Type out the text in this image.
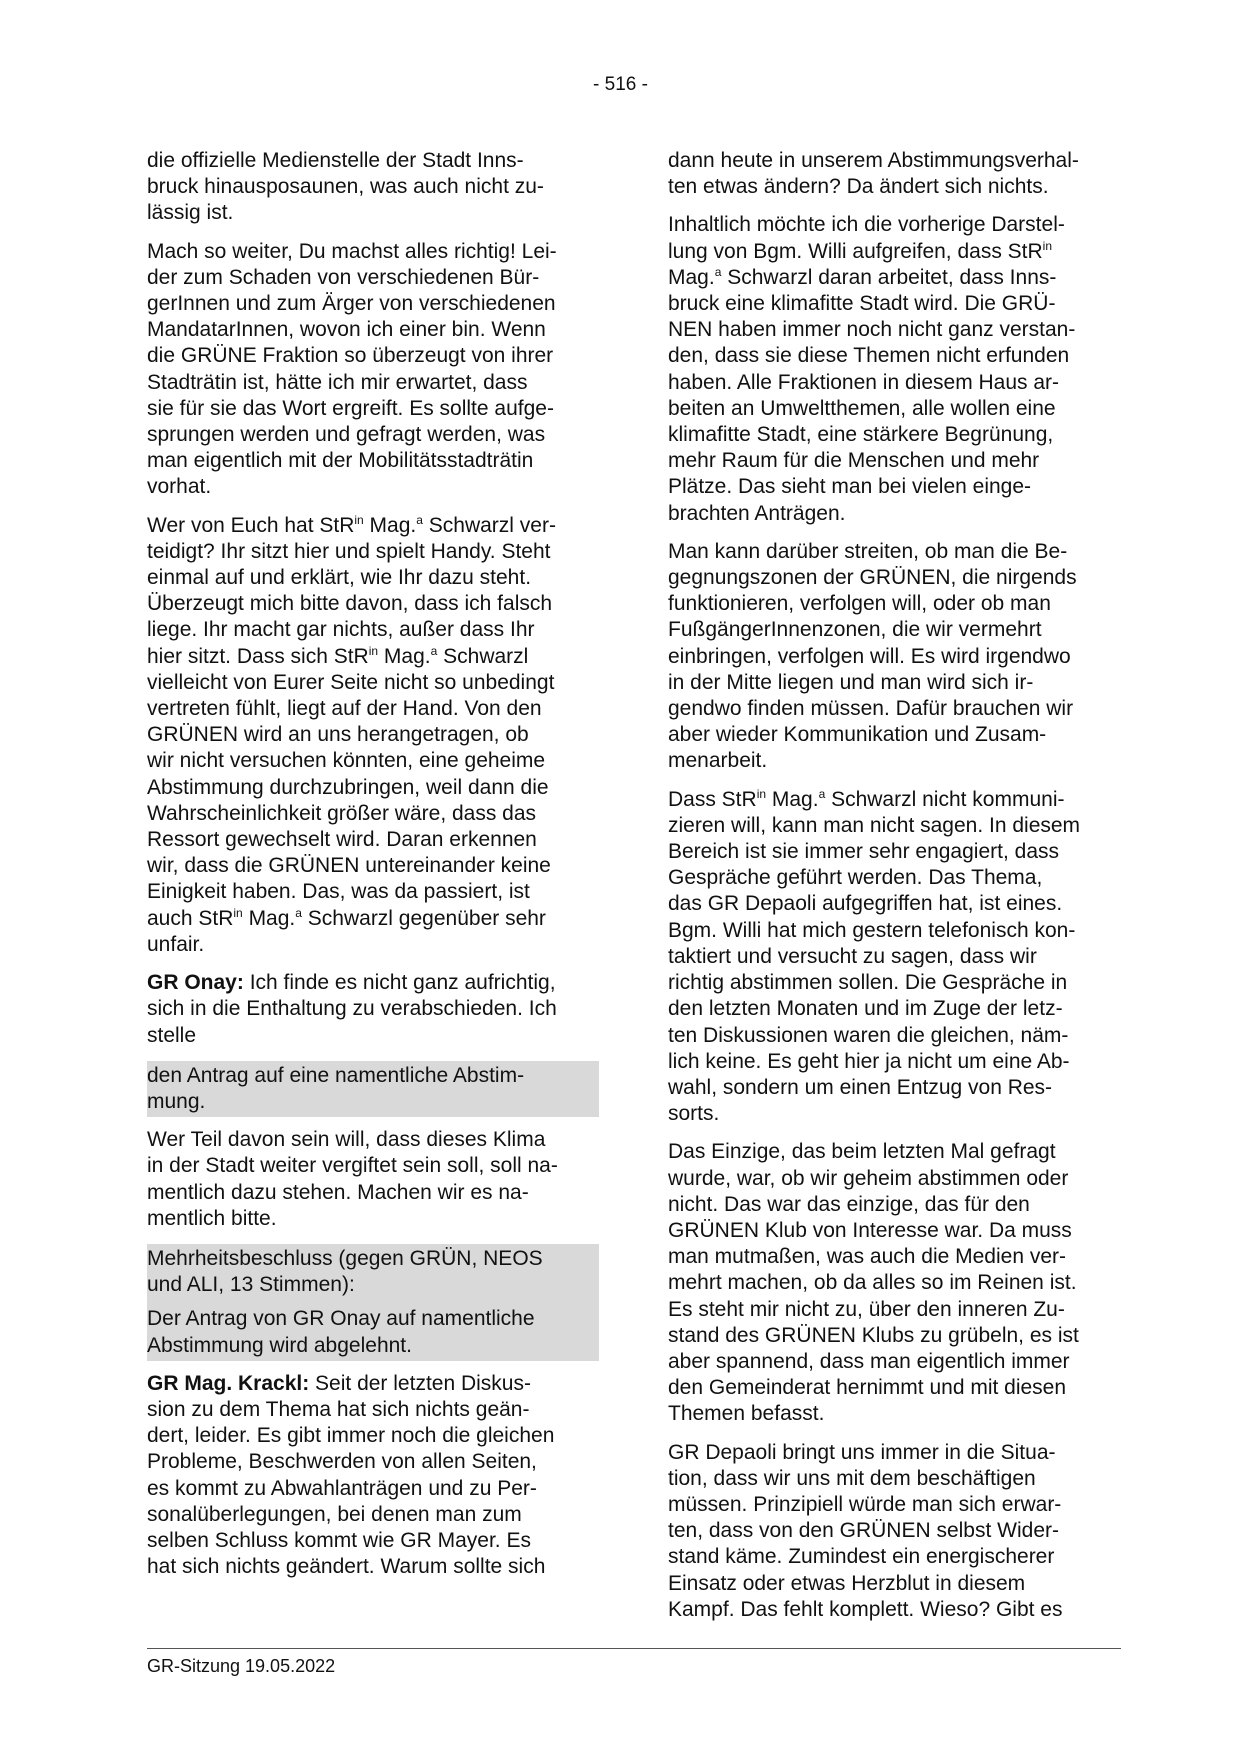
- 516 -
die offizielle Medienstelle der Stadt Inns-
bruck hinausposaunen, was auch nicht zu-
lässig ist.
Mach so weiter, Du machst alles richtig! Lei-
der zum Schaden von verschiedenen Bür-
gerInnen und zum Ärger von verschiedenen
MandatarInnen, wovon ich einer bin. Wenn
die GRÜNE Fraktion so überzeugt von ihrer
Stadträtin ist, hätte ich mir erwartet, dass
sie für sie das Wort ergreift. Es sollte aufge-
sprungen werden und gefragt werden, was
man eigentlich mit der Mobilitätsstadträtin
vorhat.
Wer von Euch hat StR$^{in}$ Mag.$^a$ Schwarzl ver-
teidigt? Ihr sitzt hier und spielt Handy. Steht
einmal auf und erklärt, wie Ihr dazu steht.
Überzeugt mich bitte davon, dass ich falsch
liege. Ihr macht gar nichts, außer dass Ihr
hier sitzt. Dass sich StR$^{in}$ Mag.$^a$ Schwarzl
vielleicht von Eurer Seite nicht so unbedingt
vertreten fühlt, liegt auf der Hand. Von den
GRÜNEN wird an uns herangetragen, ob
wir nicht versuchen könnten, eine geheime
Abstimmung durchzubringen, weil dann die
Wahrscheinlichkeit größer wäre, dass das
Ressort gewechselt wird. Daran erkennen
wir, dass die GRÜNEN untereinander keine
Einigkeit haben. Das, was da passiert, ist
auch StR$^{in}$ Mag.$^a$ Schwarzl gegenüber sehr
unfair.
GR Onay: Ich finde es nicht ganz aufrichtig,
sich in die Enthaltung zu verabschieden. Ich
stelle
den Antrag auf eine namentliche Abstim-
mung.
Wer Teil davon sein will, dass dieses Klima
in der Stadt weiter vergiftet sein soll, soll na-
mentlich dazu stehen. Machen wir es na-
mentlich bitte.
Mehrheitsbeschluss (gegen GRÜN, NEOS
und ALI, 13 Stimmen):
Der Antrag von GR Onay auf namentliche
Abstimmung wird abgelehnt.
GR Mag. Krackl: Seit der letzten Diskus-
sion zu dem Thema hat sich nichts geän-
dert, leider. Es gibt immer noch die gleichen
Probleme, Beschwerden von allen Seiten,
es kommt zu Abwahlanträgen und zu Per-
sonalüberlegungen, bei denen man zum
selben Schluss kommt wie GR Mayer. Es
hat sich nichts geändert. Warum sollte sich
dann heute in unserem Abstimmungsverhal-
ten etwas ändern? Da ändert sich nichts.
Inhaltlich möchte ich die vorherige Darstel-
lung von Bgm. Willi aufgreifen, dass StR$^{in}$
Mag.$^a$ Schwarzl daran arbeitet, dass Inns-
bruck eine klimafitte Stadt wird. Die GRÜ-
NEN haben immer noch nicht ganz verstan-
den, dass sie diese Themen nicht erfunden
haben. Alle Fraktionen in diesem Haus ar-
beiten an Umweltthemen, alle wollen eine
klimafitte Stadt, eine stärkere Begrünung,
mehr Raum für die Menschen und mehr
Plätze. Das sieht man bei vielen einge-
brachten Anträgen.
Man kann darüber streiten, ob man die Be-
gegnungszonen der GRÜNEN, die nirgends
funktionieren, verfolgen will, oder ob man
FußgängerInnenzonen, die wir vermehrt
einbringen, verfolgen will. Es wird irgendwo
in der Mitte liegen und man wird sich ir-
gendwo finden müssen. Dafür brauchen wir
aber wieder Kommunikation und Zusam-
menarbeit.
Dass StR$^{in}$ Mag.$^a$ Schwarzl nicht kommuni-
zieren will, kann man nicht sagen. In diesem
Bereich ist sie immer sehr engagiert, dass
Gespräche geführt werden. Das Thema,
das GR Depaoli aufgegriffen hat, ist eines.
Bgm. Willi hat mich gestern telefonisch kon-
taktiert und versucht zu sagen, dass wir
richtig abstimmen sollen. Die Gespräche in
den letzten Monaten und im Zuge der letz-
ten Diskussionen waren die gleichen, näm-
lich keine. Es geht hier ja nicht um eine Ab-
wahl, sondern um einen Entzug von Res-
sorts.
Das Einzige, das beim letzten Mal gefragt
wurde, war, ob wir geheim abstimmen oder
nicht. Das war das einzige, das für den
GRÜNEN Klub von Interesse war. Da muss
man mutmaßen, was auch die Medien ver-
mehrt machen, ob da alles so im Reinen ist.
Es steht mir nicht zu, über den inneren Zu-
stand des GRÜNEN Klubs zu grübeln, es ist
aber spannend, dass man eigentlich immer
den Gemeinderat hernimmt und mit diesen
Themen befasst.
GR Depaoli bringt uns immer in die Situa-
tion, dass wir uns mit dem beschäftigen
müssen. Prinzipiell würde man sich erwar-
ten, dass von den GRÜNEN selbst Wider-
stand käme. Zumindest ein energischerer
Einsatz oder etwas Herzblut in diesem
Kampf. Das fehlt komplett. Wieso? Gibt es
GR-Sitzung 19.05.2022
